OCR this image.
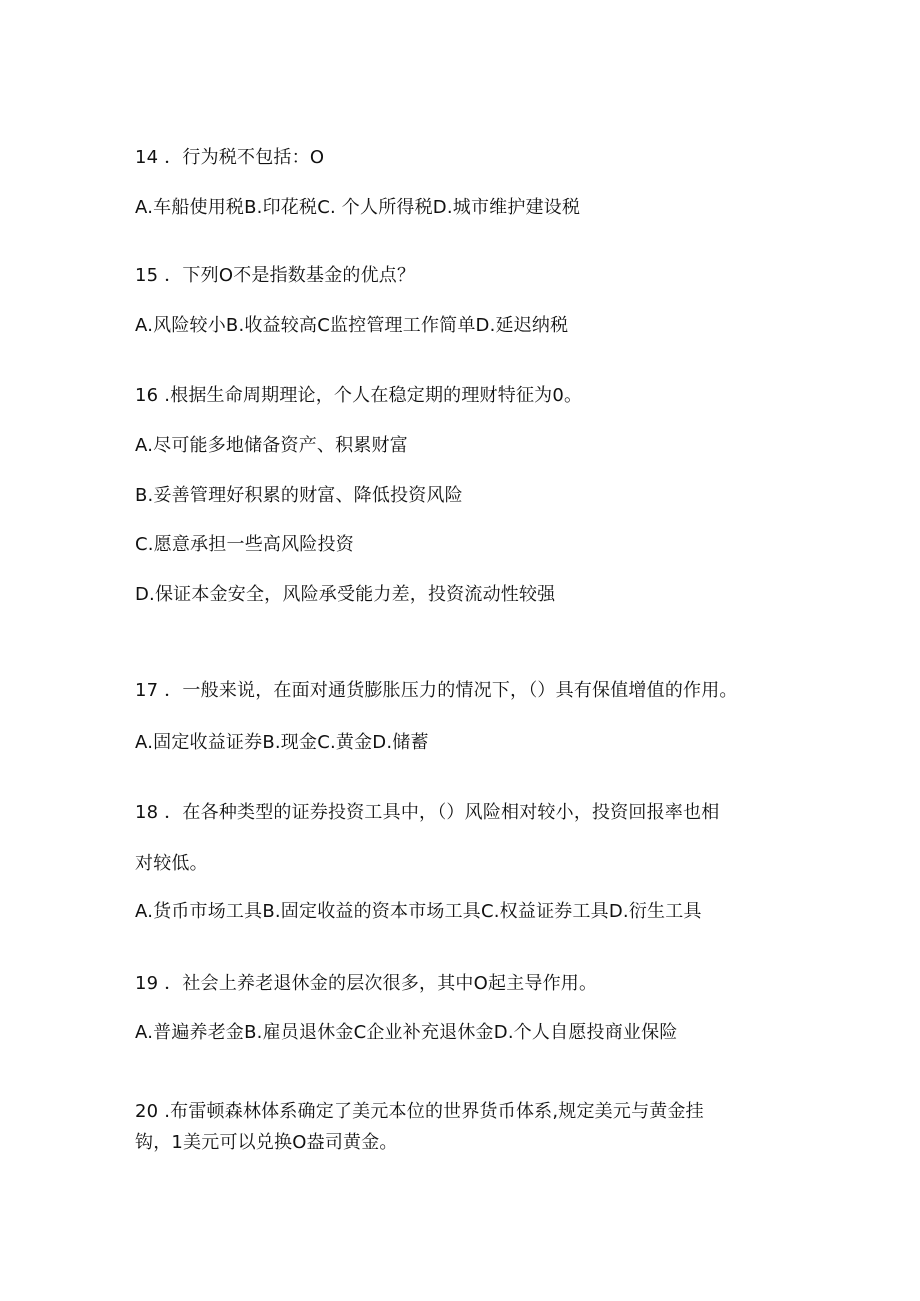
14 ．行为税不包括：O
A.车船使用税B.印花税C. 个人所得税D.城市维护建设税
15 ．下列O不是指数基金的优点？
A.风险较小B.收益较高C监控管理工作简单D.延迟纳税
16 .根据生命周期理论，个人在稳定期的理财特征为0。
A.尽可能多地储备资产、积累财富
B.妥善管理好积累的财富、降低投资风险
C.愿意承担一些高风险投资
D.保证本金安全，风险承受能力差，投资流动性较强
17 ．一般来说，在面对通货膨胀压力的情况下，（）具有保值增值的作用。
A.固定收益证券B.现金C.黄金D.储蓄
18 ．在各种类型的证券投资工具中，（）风险相对较小，投资回报率也相
对较低。
A.货币市场工具B.固定收益的资本市场工具C.权益证券工具D.衍生工具
19 ．社会上养老退休金的层次很多，其中O起主导作用。
A.普遍养老金B.雇员退休金C企业补充退休金D.个人自愿投商业保险
20 .布雷顿森林体系确定了美元本位的世界货币体系,规定美元与黄金挂
钩，1美元可以兑换O盎司黄金。
